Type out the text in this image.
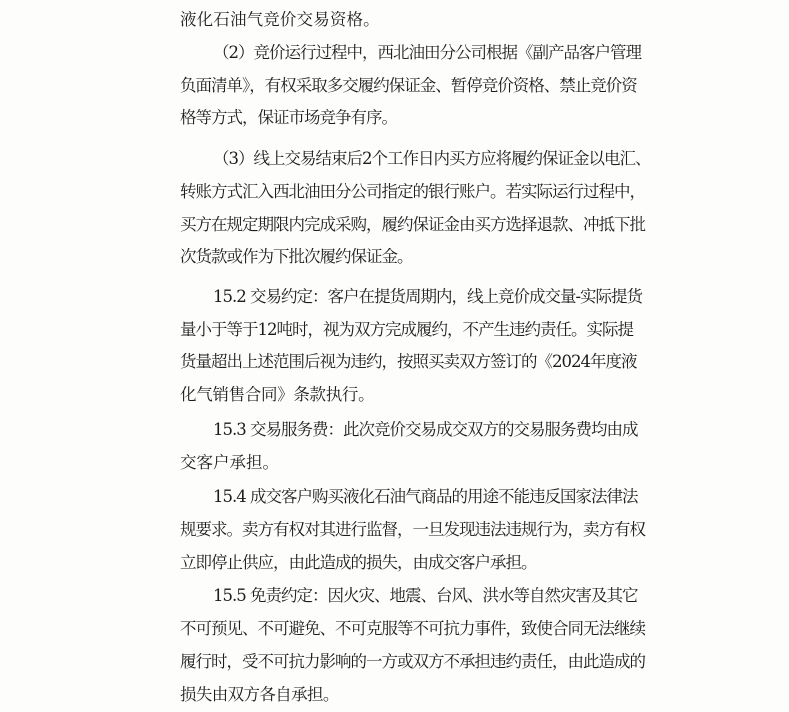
液化石油气竞价交易资格。
（2）竞价运行过程中，西北油田分公司根据《副产品客户管理
负面清单》，有权采取多交履约保证金、暂停竞价资格、禁止竞价资
格等方式，保证市场竞争有序。
（3）线上交易结束后2个工作日内买方应将履约保证金以电汇、
转账方式汇入西北油田分公司指定的银行账户。若实际运行过程中，
买方在规定期限内完成采购，履约保证金由买方选择退款、冲抵下批
次货款或作为下批次履约保证金。
15.2 交易约定：客户在提货周期内，线上竞价成交量-实际提货
量小于等于12吨时，视为双方完成履约，不产生违约责任。实际提
货量超出上述范围后视为违约，按照买卖双方签订的《2024年度液
化气销售合同》条款执行。
15.3 交易服务费：此次竞价交易成交双方的交易服务费均由成
交客户承担。
15.4 成交客户购买液化石油气商品的用途不能违反国家法律法
规要求。卖方有权对其进行监督，一旦发现违法违规行为，卖方有权
立即停止供应，由此造成的损失，由成交客户承担。
15.5 免责约定：因火灾、地震、台风、洪水等自然灾害及其它
不可预见、不可避免、不可克服等不可抗力事件，致使合同无法继续
履行时，受不可抗力影响的一方或双方不承担违约责任，由此造成的
损失由双方各自承担。
